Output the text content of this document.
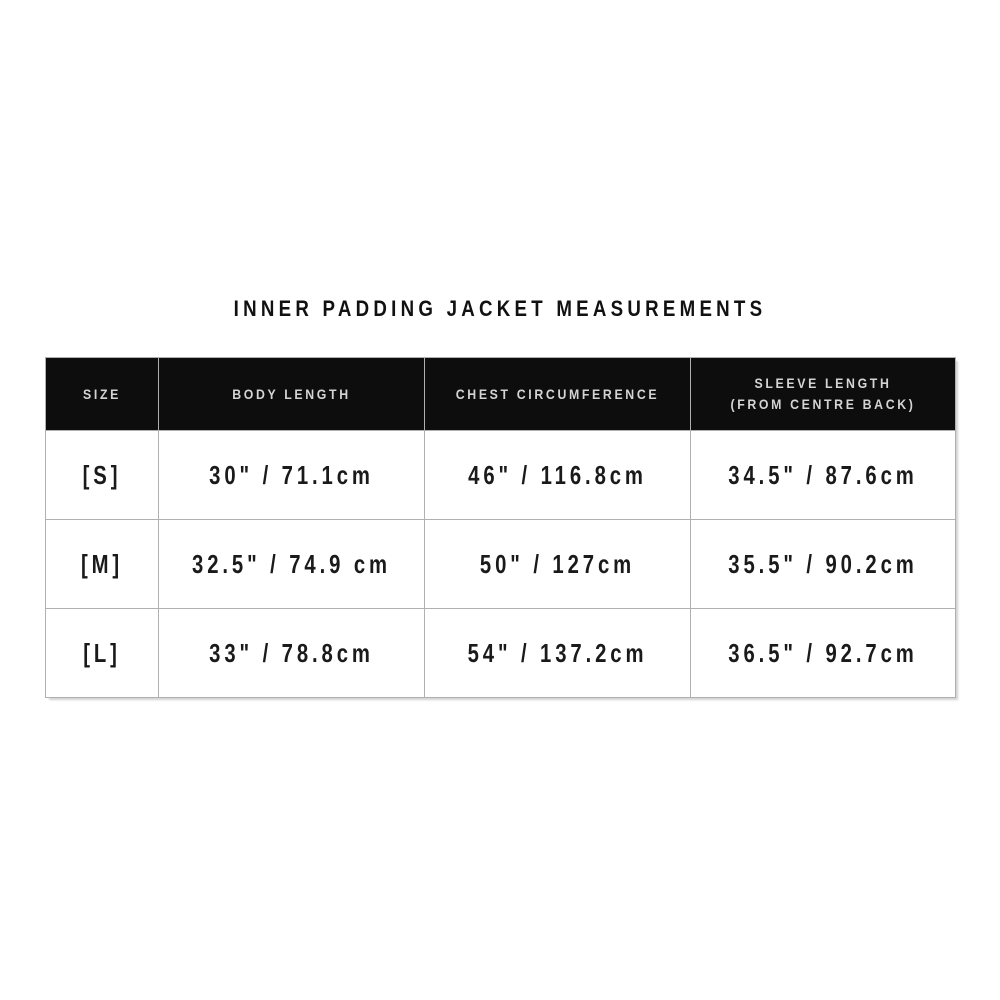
INNER PADDING JACKET MEASUREMENTS
SIZE	BODY LENGTH	CHEST CIRCUMFERENCE	SLEEVE LENGTH
(FROM CENTRE BACK)

[S]	30" / 71.1cm	46" / 116.8cm	34.5" / 87.6cm

[M]	32.5" / 74.9 cm	50" / 127cm	35.5" / 90.2cm

[L]	33" / 78.8cm	54" / 137.2cm	36.5" / 92.7cm
